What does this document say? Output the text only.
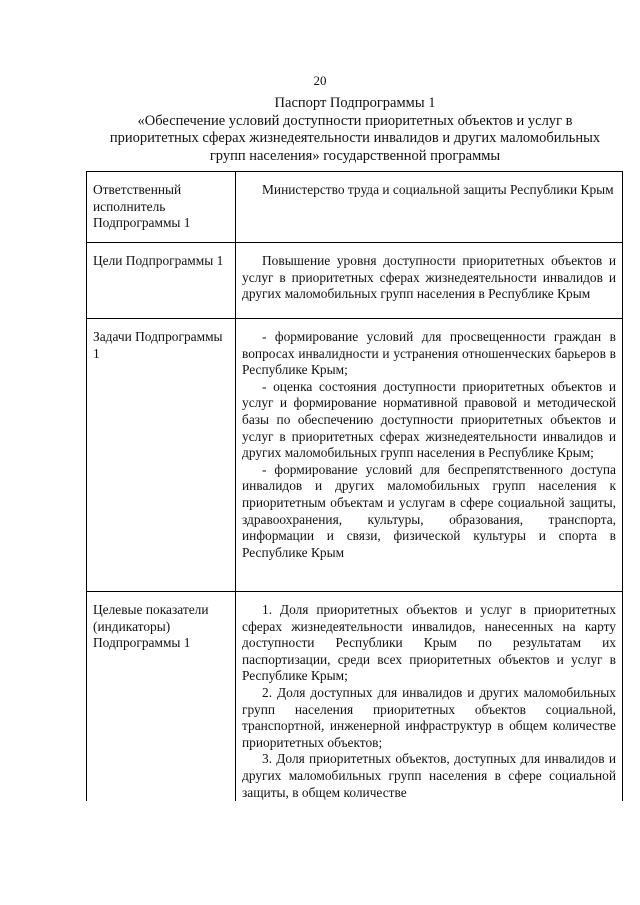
20
Паспорт Подпрограммы 1
«Обеспечение условий доступности приоритетных объектов и услуг в
приоритетных сферах жизнедеятельности инвалидов и других маломобильных
групп населения» государственной программы
Ответственный исполнитель Подпрограммы 1	Министерство труда и социальной защиты Республики Крым

Цели Подпрограммы 1	Повышение уровня доступности приоритетных объектов и услуг в приоритетных сферах жизнедеятельности инвалидов и других маломобильных групп населения в Республике Крым

Задачи Подпрограммы 1	- формирование условий для просвещенности граждан в вопросах инвалидности и устранения отношенческих барьеров в Республике Крым;

- оценка состояния доступности приоритетных объектов и услуг и формирование нормативной правовой и методической базы по обеспечению доступности приоритетных объектов и услуг в приоритетных сферах жизнедеятельности инвалидов и других маломобильных групп населения в Республике Крым;

- формирование условий для беспрепятственного доступа инвалидов и других маломобильных групп населения к приоритетным объектам и услугам в сфере социальной защиты, здравоохранения, культуры, образования, транспорта, информации и связи, физической культуры и спорта в Республике Крым

Целевые показатели (индикаторы) Подпрограммы 1	1. Доля приоритетных объектов и услуг в приоритетных сферах жизнедеятельности инвалидов, нанесенных на карту доступности Республики Крым по результатам их паспортизации, среди всех приоритетных объектов и услуг в Республике Крым;

2. Доля доступных для инвалидов и других маломобильных групп населения приоритетных объектов социальной, транспортной, инженерной инфраструктур в общем количестве приоритетных объектов;

3. Доля приоритетных объектов, доступных для инвалидов и других маломобильных групп населения в сфере социальной защиты, в общем количестве
